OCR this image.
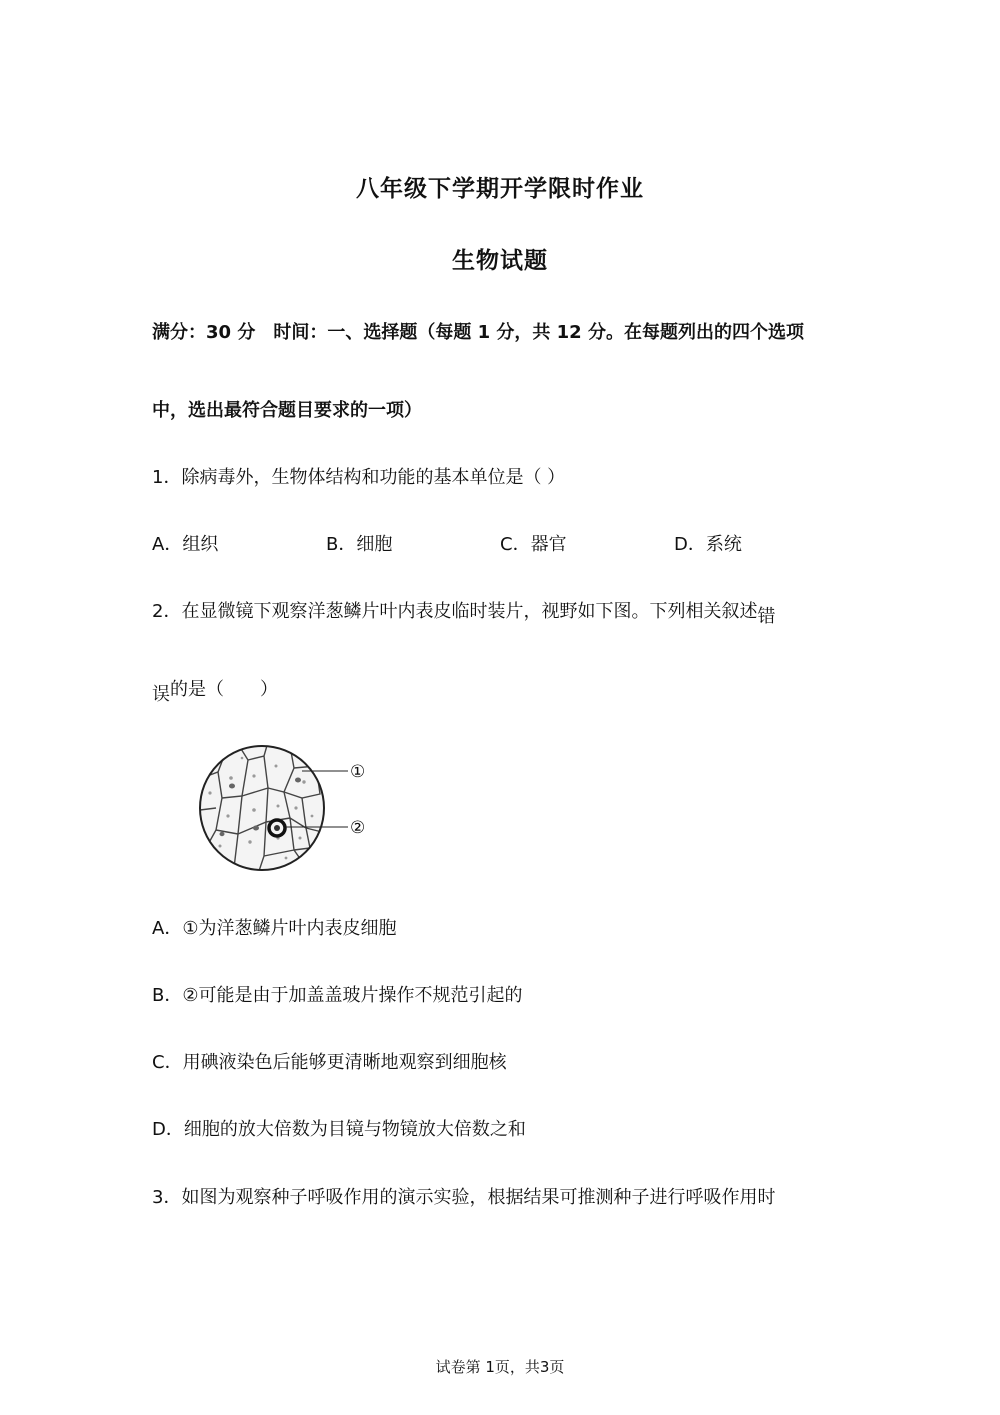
八年级下学期开学限时作业
生物试题
满分：30 分　时间：一、选择题（每题 1 分，共 12 分。在每题列出的四个选项
中，选出最符合题目要求的一项）
1．除病毒外，生物体结构和功能的基本单位是（ ）
A．组织	B．细胞	C．器官	D．系统
2．在显微镜下观察洋葱鳞片叶内表皮临时装片，视野如下图。下列相关叙述错
误的是（　　）
①
②
A．①为洋葱鳞片叶内表皮细胞
B．②可能是由于加盖盖玻片操作不规范引起的
C．用碘液染色后能够更清晰地观察到细胞核
D．细胞的放大倍数为目镜与物镜放大倍数之和
3．如图为观察种子呼吸作用的演示实验，根据结果可推测种子进行呼吸作用时
试卷第 1页，共3页
